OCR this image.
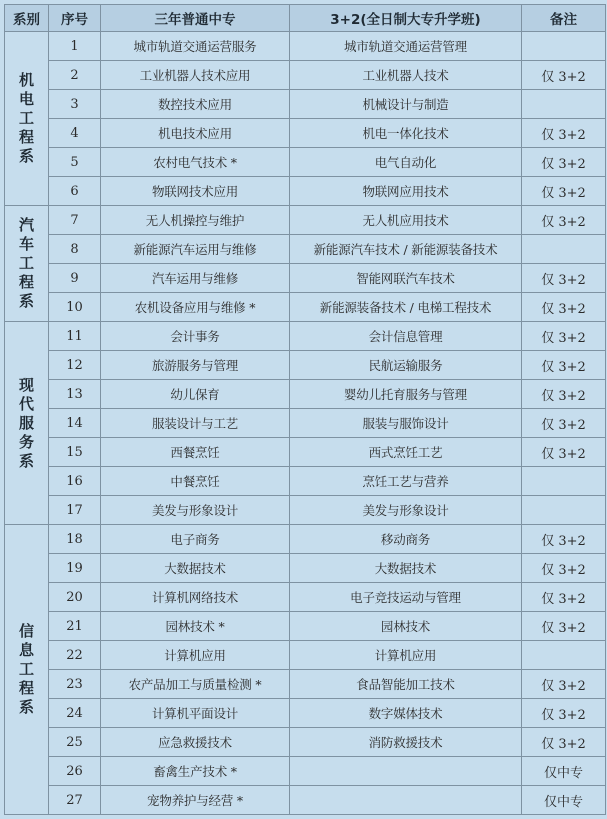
系别	序号	三年普通中专	3+2(全日制大专升学班)	备注
机电工程系	1	城市轨道交通运营服务	城市轨道交通运营管理	
	2	工业机器人技术应用	工业机器人技术	仅 3+2
	3	数控技术应用	机械设计与制造	
	4	机电技术应用	机电一体化技术	仅 3+2
	5	农村电气技术 *	电气自动化	仅 3+2
	6	物联网技术应用	物联网应用技术	仅 3+2
汽车工程系	7	无人机操控与维护	无人机应用技术	仅 3+2
	8	新能源汽车运用与维修	新能源汽车技术 / 新能源装备技术	
	9	汽车运用与维修	智能网联汽车技术	仅 3+2
	10	农机设备应用与维修 *	新能源装备技术 / 电梯工程技术	仅 3+2
现代服务系	11	会计事务	会计信息管理	仅 3+2
	12	旅游服务与管理	民航运输服务	仅 3+2
	13	幼儿保育	婴幼儿托育服务与管理	仅 3+2
	14	服装设计与工艺	服装与服饰设计	仅 3+2
	15	西餐烹饪	西式烹饪工艺	仅 3+2
	16	中餐烹饪	烹饪工艺与营养	
	17	美发与形象设计	美发与形象设计	
信息工程系	18	电子商务	移动商务	仅 3+2
	19	大数据技术	大数据技术	仅 3+2
	20	计算机网络技术	电子竞技运动与管理	仅 3+2
	21	园林技术 *	园林技术	仅 3+2
	22	计算机应用	计算机应用	
	23	农产品加工与质量检测 *	食品智能加工技术	仅 3+2
	24	计算机平面设计	数字媒体技术	仅 3+2
	25	应急救援技术	消防救援技术	仅 3+2
	26	畜禽生产技术 *		仅中专
	27	宠物养护与经营 *		仅中专
